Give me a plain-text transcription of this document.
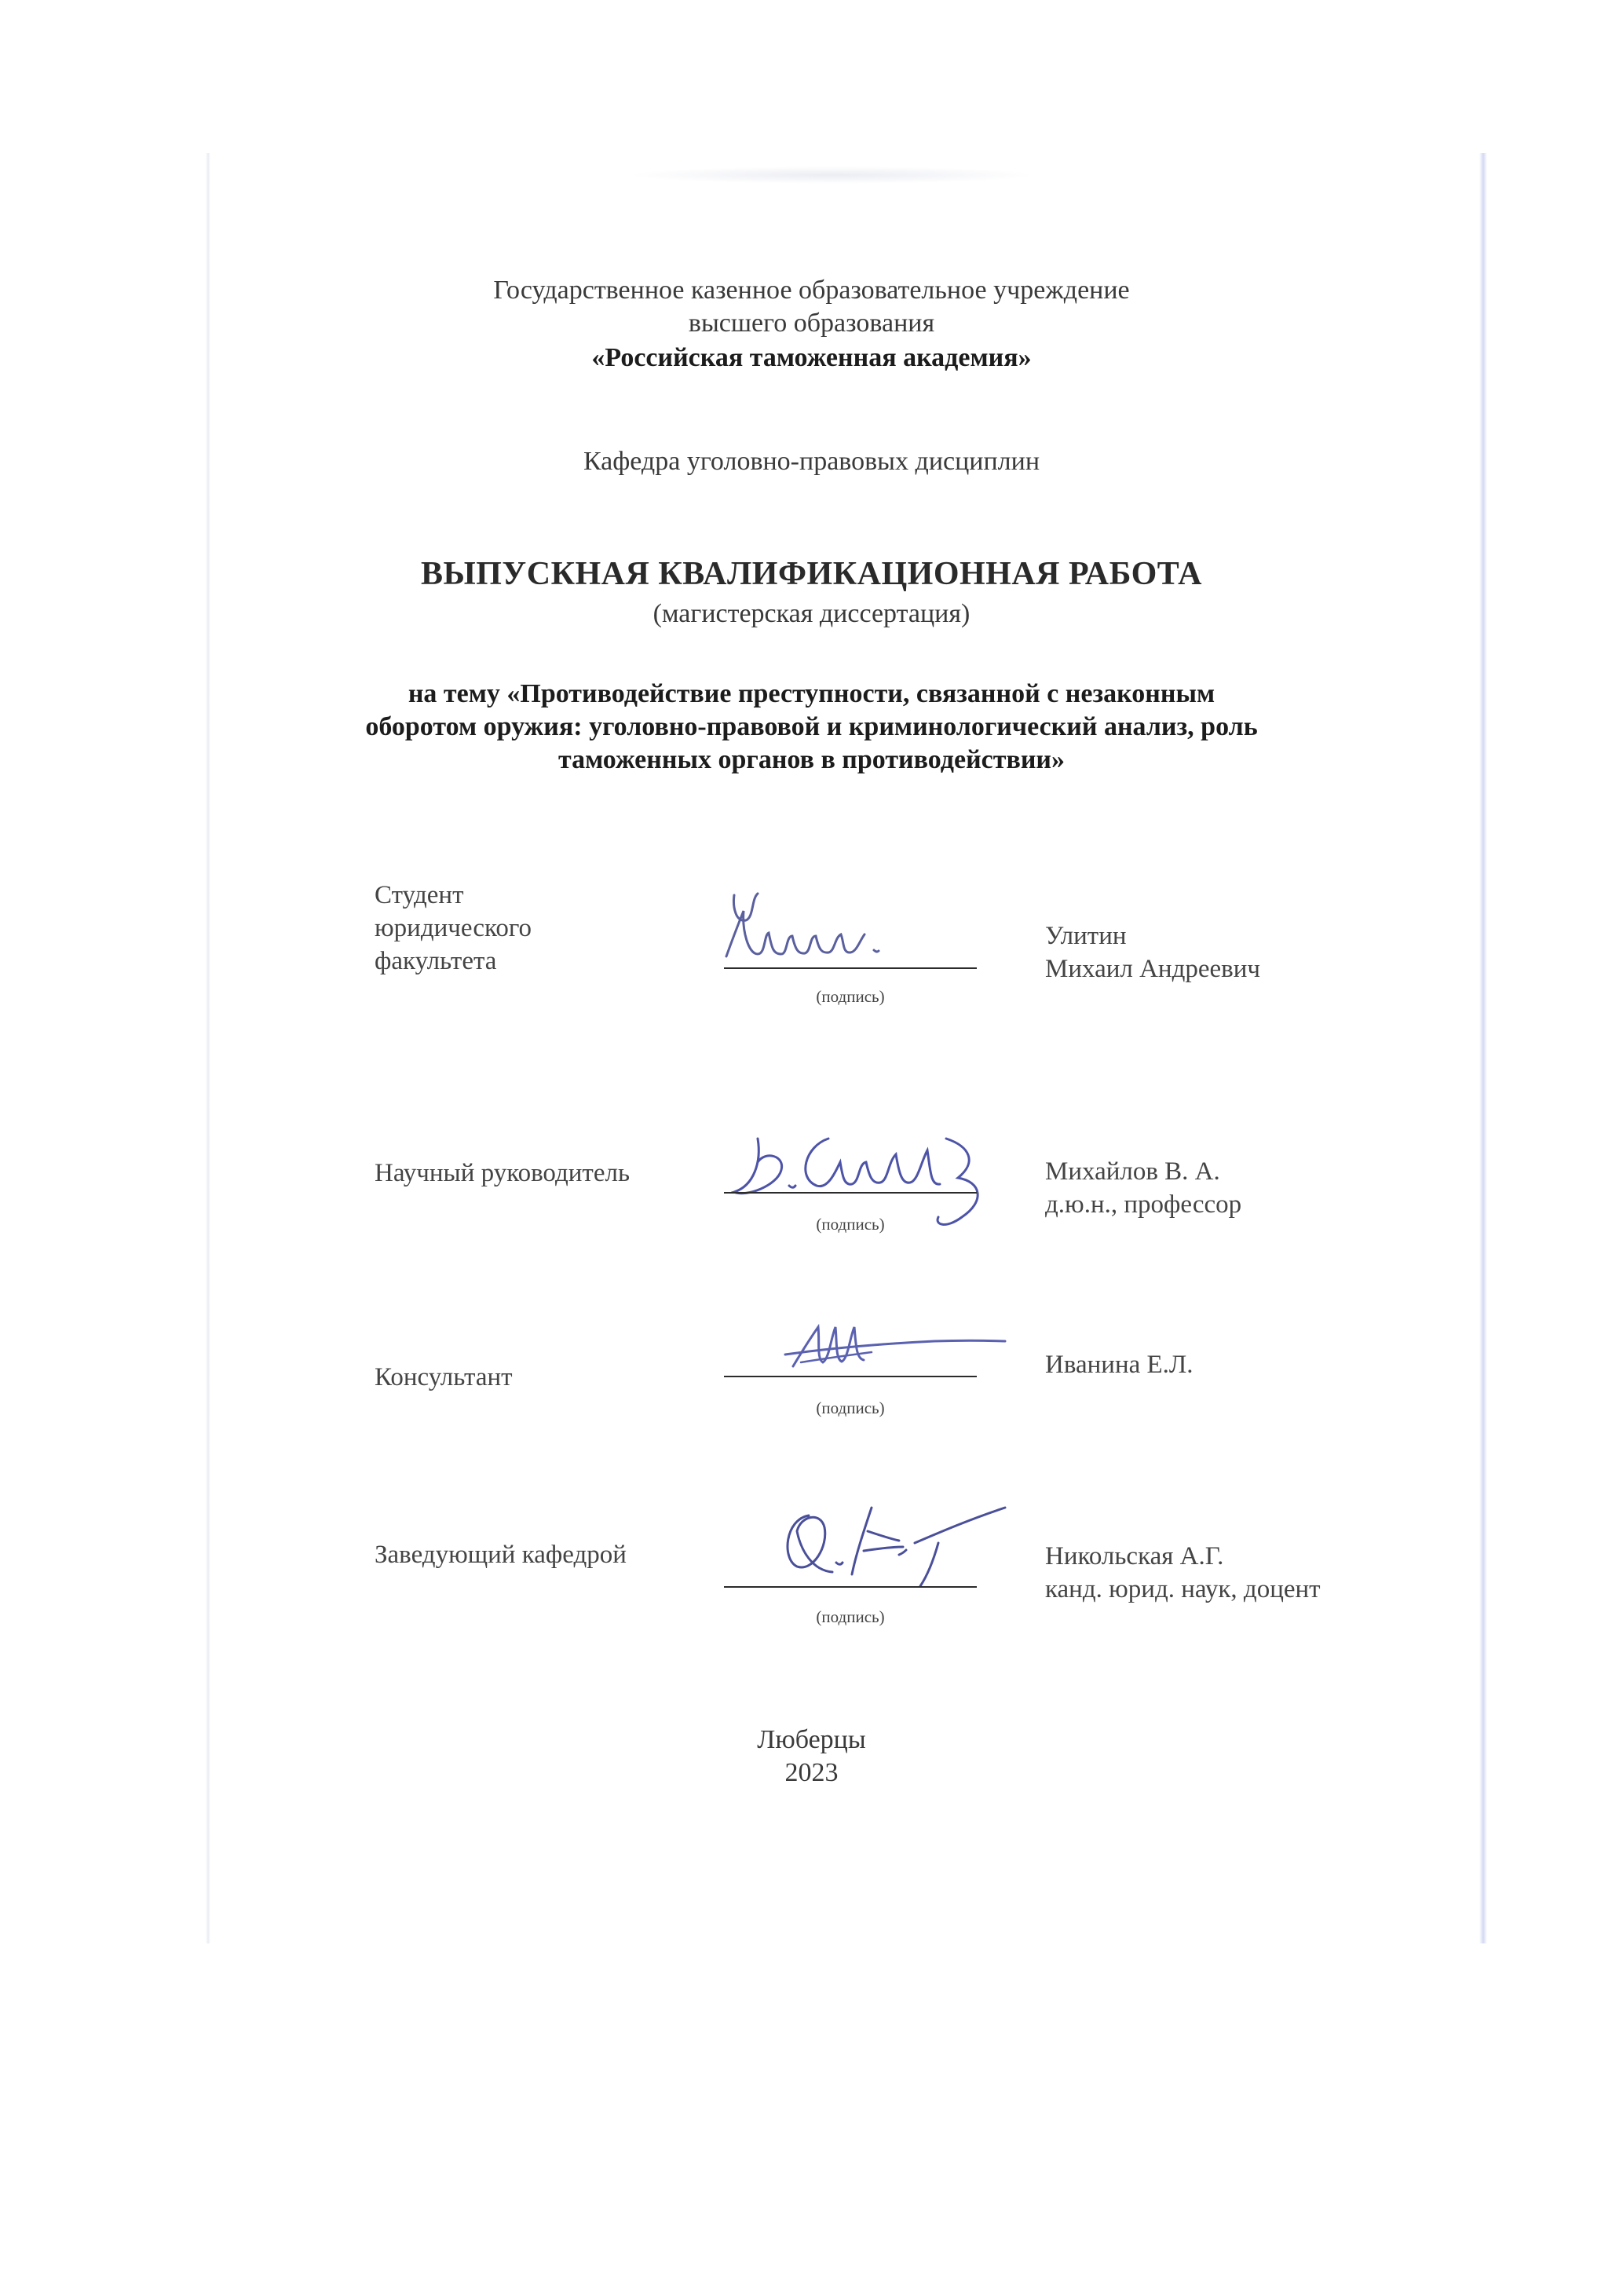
Государственное казенное образовательное учреждение
высшего образования
«Российская таможенная академия»
Кафедра уголовно-правовых дисциплин
ВЫПУСКНАЯ КВАЛИФИКАЦИОННАЯ РАБОТА
(магистерская диссертация)
на тему «Противодействие преступности, связанной с незаконным
оборотом оружия: уголовно-правовой и криминологический анализ, роль
таможенных органов в противодействии»
Студент
юридического
факультета
(подпись)
Улитин
Михаил Андреевич
Научный руководитель
(подпись)
Михайлов В. А.
д.ю.н., профессор
Консультант
(подпись)
Иванина Е.Л.
Заведующий кафедрой
(подпись)
Никольская А.Г.
канд. юрид. наук, доцент
Люберцы
2023
